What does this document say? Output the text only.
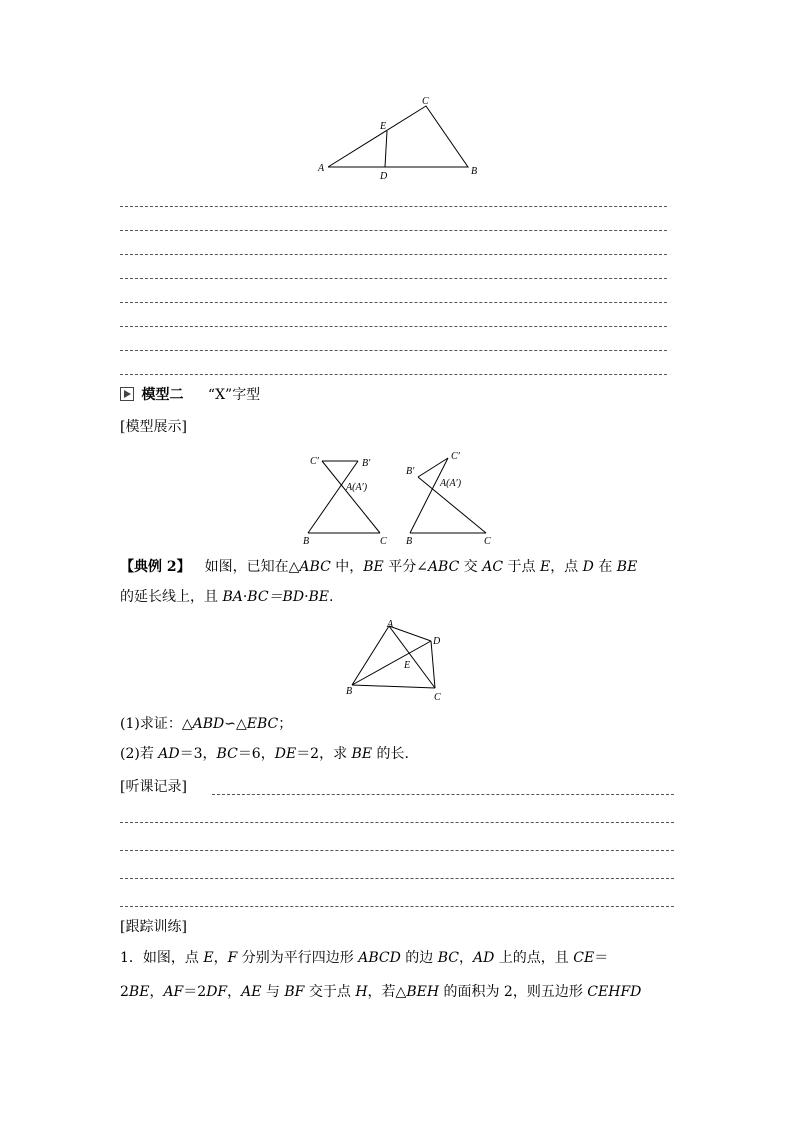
A
C
E
D	B
模型二 “X”字型
[模型展示]
C′	B′
A(A′)
B	C
B′
C′
A(A′)
B	C
【典例 2】 如图，已知在△ABC 中，BE 平分∠ABC 交 AC 于点 E，点 D 在 BE
的延长线上，且 BA·BC＝BD·BE.
A
D
E
B
C
(1)求证：△ABD∽△EBC；
(2)若 AD＝3，BC＝6，DE＝2，求 BE 的长.
[听课记录]
[跟踪训练]
1．如图，点 E，F 分别为平行四边形 ABCD 的边 BC，AD 上的点，且 CE＝
2BE，AF＝2DF，AE 与 BF 交于点 H，若△BEH 的面积为 2，则五边形 CEHFD
